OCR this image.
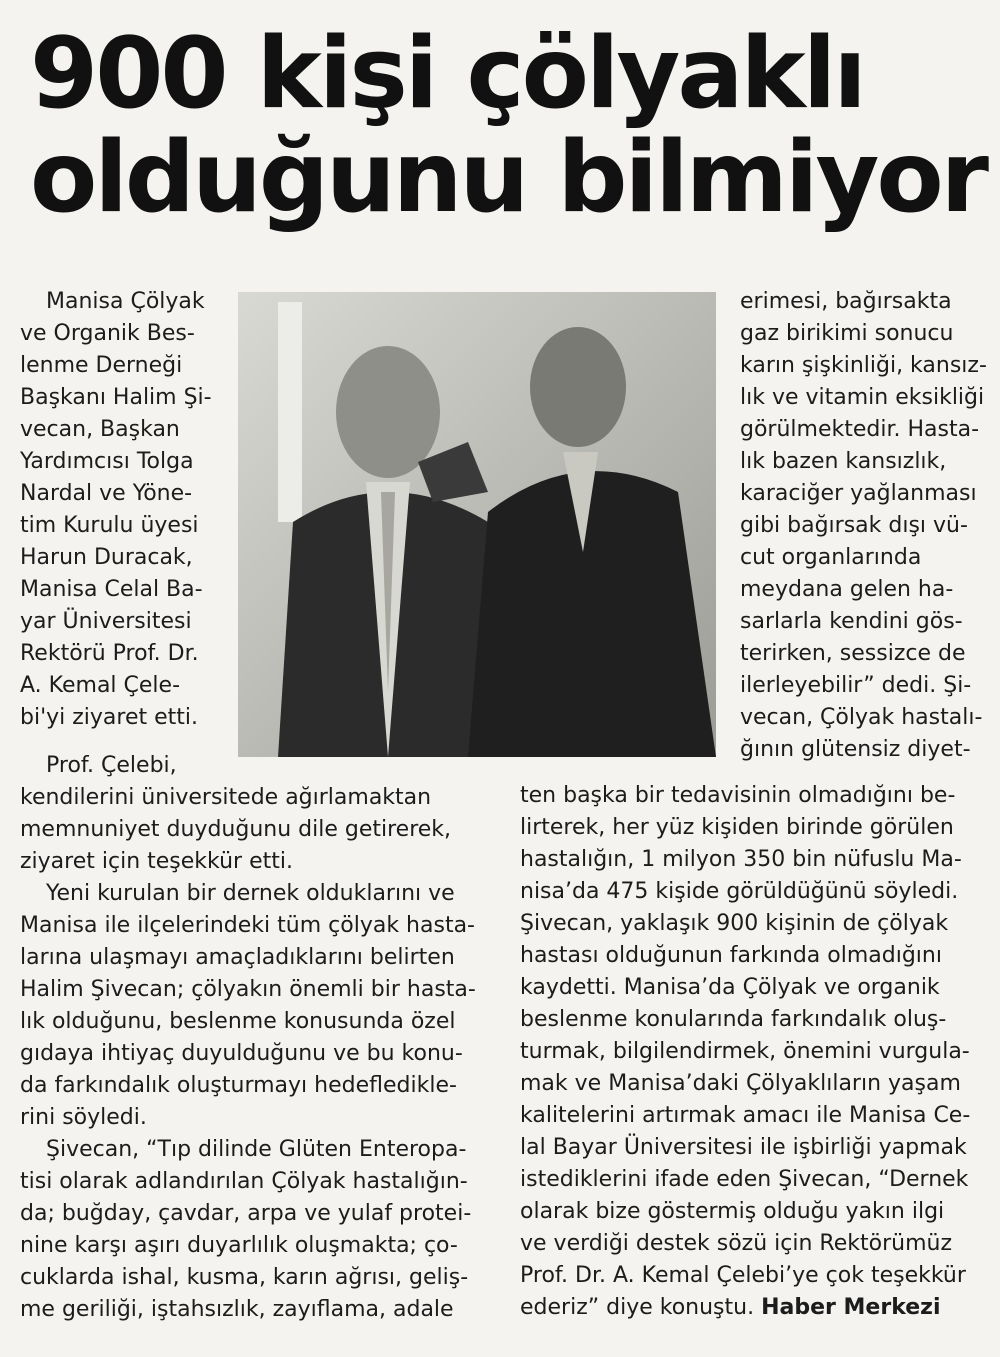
900 kişi çölyaklı
olduğunu bilmiyor
Manisa Çölyak
ve Organik Bes-
lenme Derneği
Başkanı Halim Şi-
vecan, Başkan
Yardımcısı Tolga
Nardal ve Yöne-
tim Kurulu üyesi
Harun Duracak,
Manisa Celal Ba-
yar Üniversitesi
Rektörü Prof. Dr.
A. Kemal Çele-
bi'yi ziyaret etti.
Prof. Çelebi,
kendilerini üniversitede ağırlamaktan
memnuniyet duyduğunu dile getirerek,
ziyaret için teşekkür etti.
Yeni kurulan bir dernek olduklarını ve
Manisa ile ilçelerindeki tüm çölyak hasta-
larına ulaşmayı amaçladıklarını belirten
Halim Şivecan; çölyakın önemli bir hasta-
lık olduğunu, beslenme konusunda özel
gıdaya ihtiyaç duyulduğunu ve bu konu-
da farkındalık oluşturmayı hedefledikle-
rini söyledi.
Şivecan, “Tıp dilinde Glüten Enteropa-
tisi olarak adlandırılan Çölyak hastalığın-
da; buğday, çavdar, arpa ve yulaf protei-
nine karşı aşırı duyarlılık oluşmakta; ço-
cuklarda ishal, kusma, karın ağrısı, geliş-
me geriliği, iştahsızlık, zayıflama, adale
erimesi, bağırsakta
gaz birikimi sonucu
karın şişkinliği, kansız-
lık ve vitamin eksikliği
görülmektedir. Hasta-
lık bazen kansızlık,
karaciğer yağlanması
gibi bağırsak dışı vü-
cut organlarında
meydana gelen ha-
sarlarla kendini gös-
terirken, sessizce de
ilerleyebilir” dedi. Şi-
vecan, Çölyak hastalı-
ğının glütensiz diyet-
ten başka bir tedavisinin olmadığını be-
lirterek, her yüz kişiden birinde görülen
hastalığın, 1 milyon 350 bin nüfuslu Ma-
nisa’da 475 kişide görüldüğünü söyledi.
Şivecan, yaklaşık 900 kişinin de çölyak
hastası olduğunun farkında olmadığını
kaydetti. Manisa’da Çölyak ve organik
beslenme konularında farkındalık oluş-
turmak, bilgilendirmek, önemini vurgula-
mak ve Manisa’daki Çölyaklıların yaşam
kalitelerini artırmak amacı ile Manisa Ce-
lal Bayar Üniversitesi ile işbirliği yapmak
istediklerini ifade eden Şivecan, “Dernek
olarak bize göstermiş olduğu yakın ilgi
ve verdiği destek sözü için Rektörümüz
Prof. Dr. A. Kemal Çelebi’ye çok teşekkür
ederiz” diye konuştu. Haber Merkezi
